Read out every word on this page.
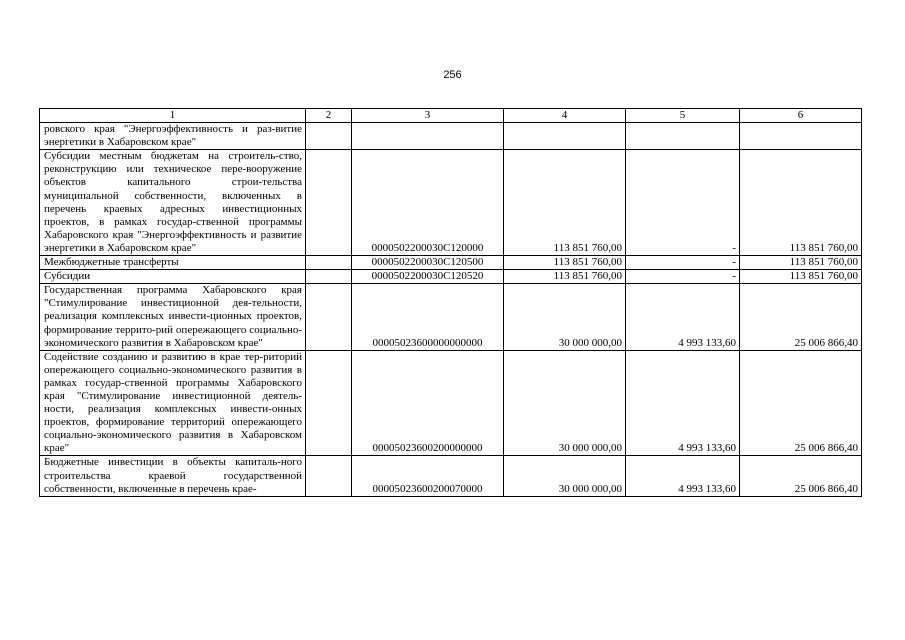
256
1	2	3	4	5	6
ровского края "Энергоэффективность и раз-витие энергетики в Хабаровском крае"					
Субсидии местным бюджетам на строитель-ство, реконструкцию или техническое пере-вооружение объектов капитального строи-тельства муниципальной собственности, включенных в перечень краевых адресных инвестиционных проектов, в рамках государ-ственной программы Хабаровского края "Энергоэффективность и развитие энергетики в Хабаровском крае"		0000502200030С120000	113 851 760,00	-	113 851 760,00
Межбюджетные трансферты		0000502200030С120500	113 851 760,00	-	113 851 760,00
Субсидии		0000502200030С120520	113 851 760,00	-	113 851 760,00
Государственная программа Хабаровского края "Стимулирование инвестиционной дея-тельности, реализация комплексных инвести-ционных проектов, формирование террито-рий опережающего социально-экономического развития в Хабаровском крае"		00005023600000000000	30 000 000,00	4 993 133,60	25 006 866,40
Содействие созданию и развитию в крае тер-риторий опережающего социально-экономического развития в рамках государ-ственной программы Хабаровского края "Стимулирование инвестиционной деятель-ности, реализация комплексных инвести-онных проектов, формирование территорий опережающего социально-экономического развития в Хабаровском крае"		00005023600200000000	30 000 000,00	4 993 133,60	25 006 866,40
Бюджетные инвестиции в объекты капиталь-ного строительства краевой государственной собственности, включенные в перечень крае-		00005023600200070000	30 000 000,00	4 993 133,60	25 006 866,40
